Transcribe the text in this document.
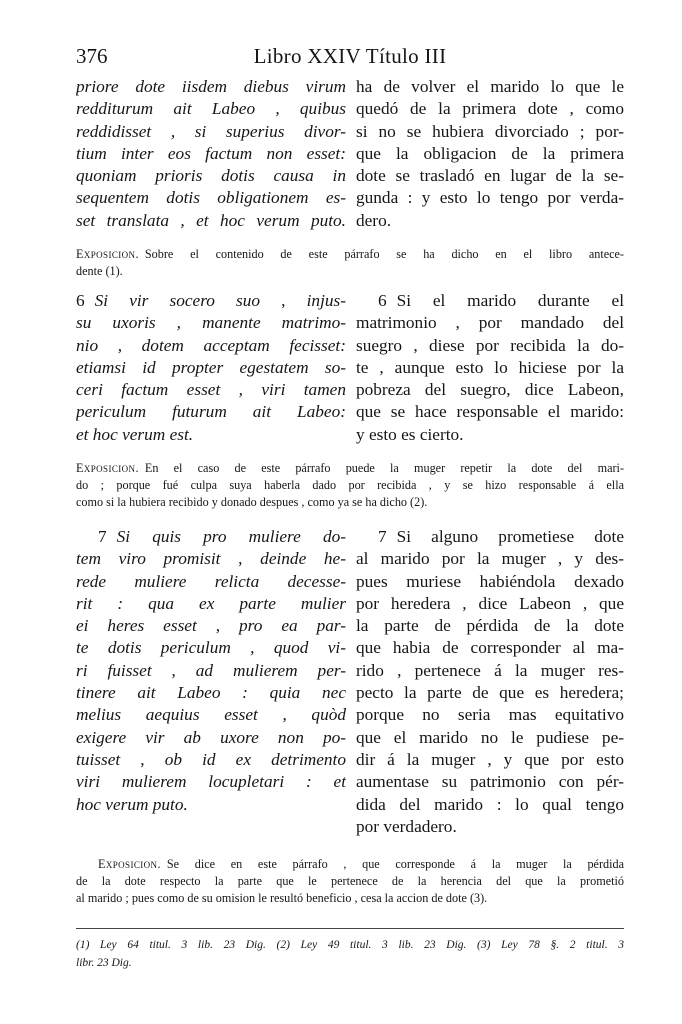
376	Libro XXIV Título III
priore dote iisdem diebus virum
redditurum ait Labeo , quibus
reddidisset , si superius divor-
tium inter eos factum non esset:
quoniam prioris dotis causa in
sequentem dotis obligationem es-
set translata , et hoc verum puto.
ha de volver el marido lo que le
quedó de la primera dote , como
si no se hubiera divorciado ; por-
que la obligacion de la primera
dote se trasladó en lugar de la se-
gunda : y esto lo tengo por verda-
dero.
Exposicion. Sobre el contenido de este párrafo se ha dicho en el libro antece-
dente (1).
6 Si vir socero suo , injus-
su uxoris , manente matrimo-
nio , dotem acceptam fecisset:
etiamsi id propter egestatem so-
ceri factum esset , viri tamen
periculum futurum ait Labeo:
et hoc verum est.
6 Si el marido durante el
matrimonio , por mandado del
suegro , diese por recibida la do-
te , aunque esto lo hiciese por la
pobreza del suegro, dice Labeon,
que se hace responsable el marido:
y esto es cierto.
Exposicion. En el caso de este párrafo puede la muger repetir la dote del mari-
do ; porque fué culpa suya haberla dado por recibida , y se hizo responsable á ella
como si la hubiera recibido y donado despues , como ya se ha dicho (2).
7 Si quis pro muliere do-
tem viro promisit , deinde he-
rede muliere relicta decesse-
rit : qua ex parte mulier
ei heres esset , pro ea par-
te dotis periculum , quod vi-
ri fuisset , ad mulierem per-
tinere ait Labeo : quia nec
melius aequius esset , quòd
exigere vir ab uxore non po-
tuisset , ob id ex detrimento
viri mulierem locupletari : et
hoc verum puto.
7 Si alguno prometiese dote
al marido por la muger , y des-
pues muriese habiéndola dexado
por heredera , dice Labeon , que
la parte de pérdida de la dote
que habia de corresponder al ma-
rido , pertenece á la muger res-
pecto la parte de que es heredera;
porque no seria mas equitativo
que el marido no le pudiese pe-
dir á la muger , y que por esto
aumentase su patrimonio con pér-
dida del marido : lo qual tengo
por verdadero.
Exposicion. Se dice en este párrafo , que corresponde á la muger la pérdida
de la dote respecto la parte que le pertenece de la herencia del que la prometió
al marido ; pues como de su omision le resultó beneficio , cesa la accion de dote (3).
(1) Ley 64 titul. 3 lib. 23 Dig. (2) Ley 49 titul. 3 lib. 23 Dig. (3) Ley 78 §. 2 titul. 3
libr. 23 Dig.
